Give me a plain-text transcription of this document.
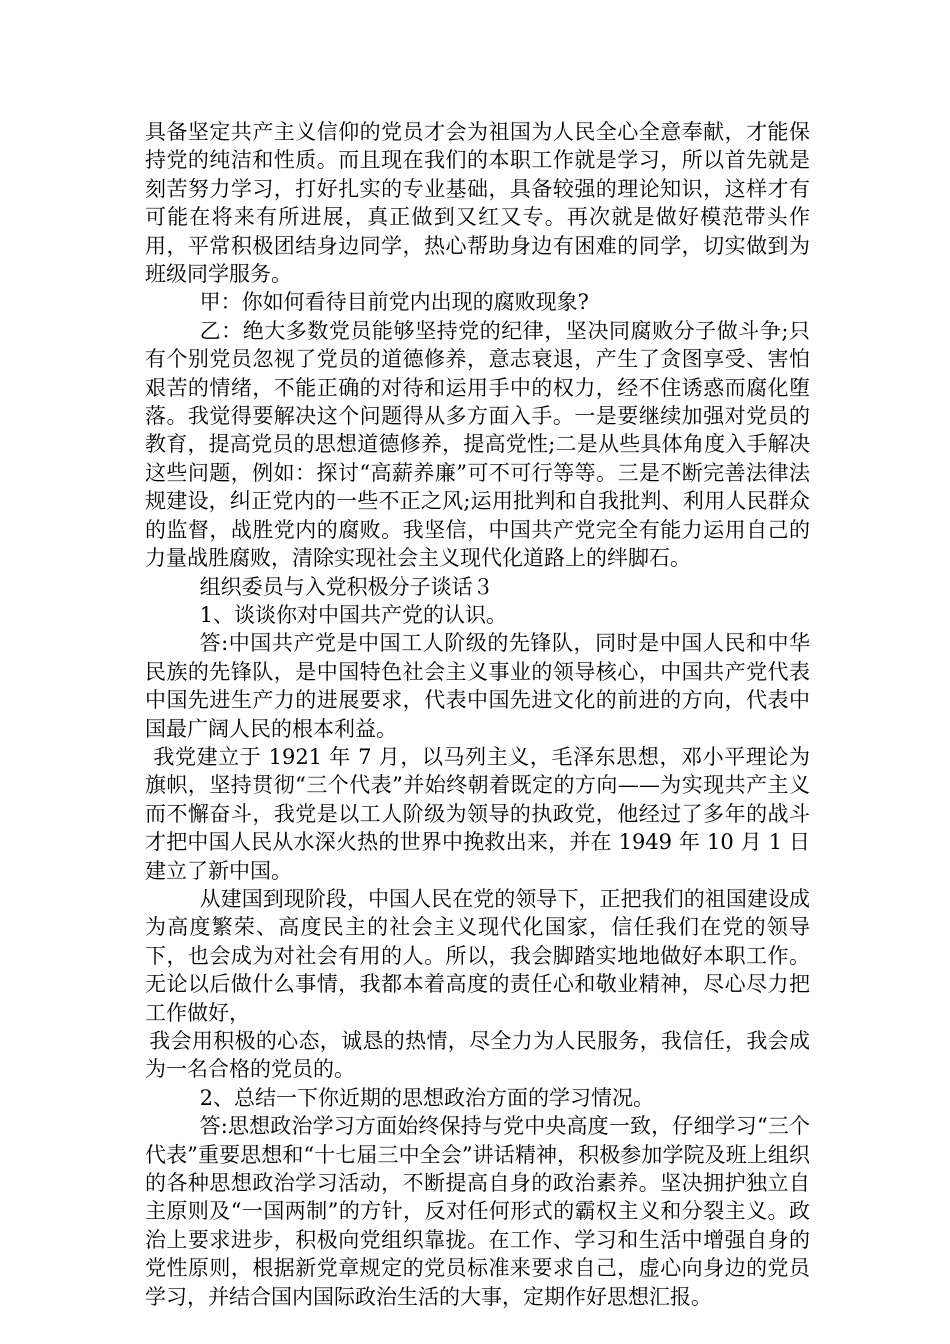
具备坚定共产主义信仰的党员才会为祖国为人民全心全意奉献，才能保持党的纯洁和性质。而且现在我们的本职工作就是学习，所以首先就是刻苦努力学习，打好扎实的专业基础，具备较强的理论知识，这样才有可能在将来有所进展，真正做到又红又专。再次就是做好模范带头作用，平常积极团结身边同学，热心帮助身边有困难的同学，切实做到为班级同学服务。

甲：你如何看待目前党内出现的腐败现象?

乙：绝大多数党员能够坚持党的纪律，坚决同腐败分子做斗争;只有个别党员忽视了党员的道德修养，意志衰退，产生了贪图享受、害怕艰苦的情绪，不能正确的对待和运用手中的权力，经不住诱惑而腐化堕落。我觉得要解决这个问题得从多方面入手。一是要继续加强对党员的教育，提高党员的思想道德修养，提高党性;二是从些具体角度入手解决这些问题，例如：探讨“高薪养廉”可不可行等等。三是不断完善法律法规建设，纠正党内的一些不正之风;运用批判和自我批判、利用人民群众的监督，战胜党内的腐败。我坚信，中国共产党完全有能力运用自己的力量战胜腐败，清除实现社会主义现代化道路上的绊脚石。

组织委员与入党积极分子谈话３

1、谈谈你对中国共产党的认识。

答:中国共产党是中国工人阶级的先锋队，同时是中国人民和中华民族的先锋队，是中国特色社会主义事业的领导核心，中国共产党代表中国先进生产力的进展要求，代表中国先进文化的前进的方向，代表中国最广阔人民的根本利益。

我党建立于 1921 年 7 月，以马列主义，毛泽东思想，邓小平理论为旗帜，坚持贯彻“三个代表”并始终朝着既定的方向——为实现共产主义而不懈奋斗，我党是以工人阶级为领导的执政党，他经过了多年的战斗才把中国人民从水深火热的世界中挽救出来，并在 1949 年 10 月 1 日建立了新中国。

从建国到现阶段，中国人民在党的领导下，正把我们的祖国建设成为高度繁荣、高度民主的社会主义现代化国家，信任我们在党的领导下，也会成为对社会有用的人。所以，我会脚踏实地地做好本职工作。无论以后做什么事情，我都本着高度的责任心和敬业精神，尽心尽力把工作做好，

我会用积极的心态，诚恳的热情，尽全力为人民服务，我信任，我会成为一名合格的党员的。

2、总结一下你近期的思想政治方面的学习情况。

答:思想政治学习方面始终保持与党中央高度一致，仔细学习“三个代表”重要思想和“十七届三中全会”讲话精神，积极参加学院及班上组织的各种思想政治学习活动，不断提高自身的政治素养。坚决拥护独立自主原则及“一国两制”的方针，反对任何形式的霸权主义和分裂主义。政治上要求进步，积极向党组织靠拢。在工作、学习和生活中增强自身的党性原则，根据新党章规定的党员标准来要求自己，虚心向身边的党员学习，并结合国内国际政治生活的大事，定期作好思想汇报。
